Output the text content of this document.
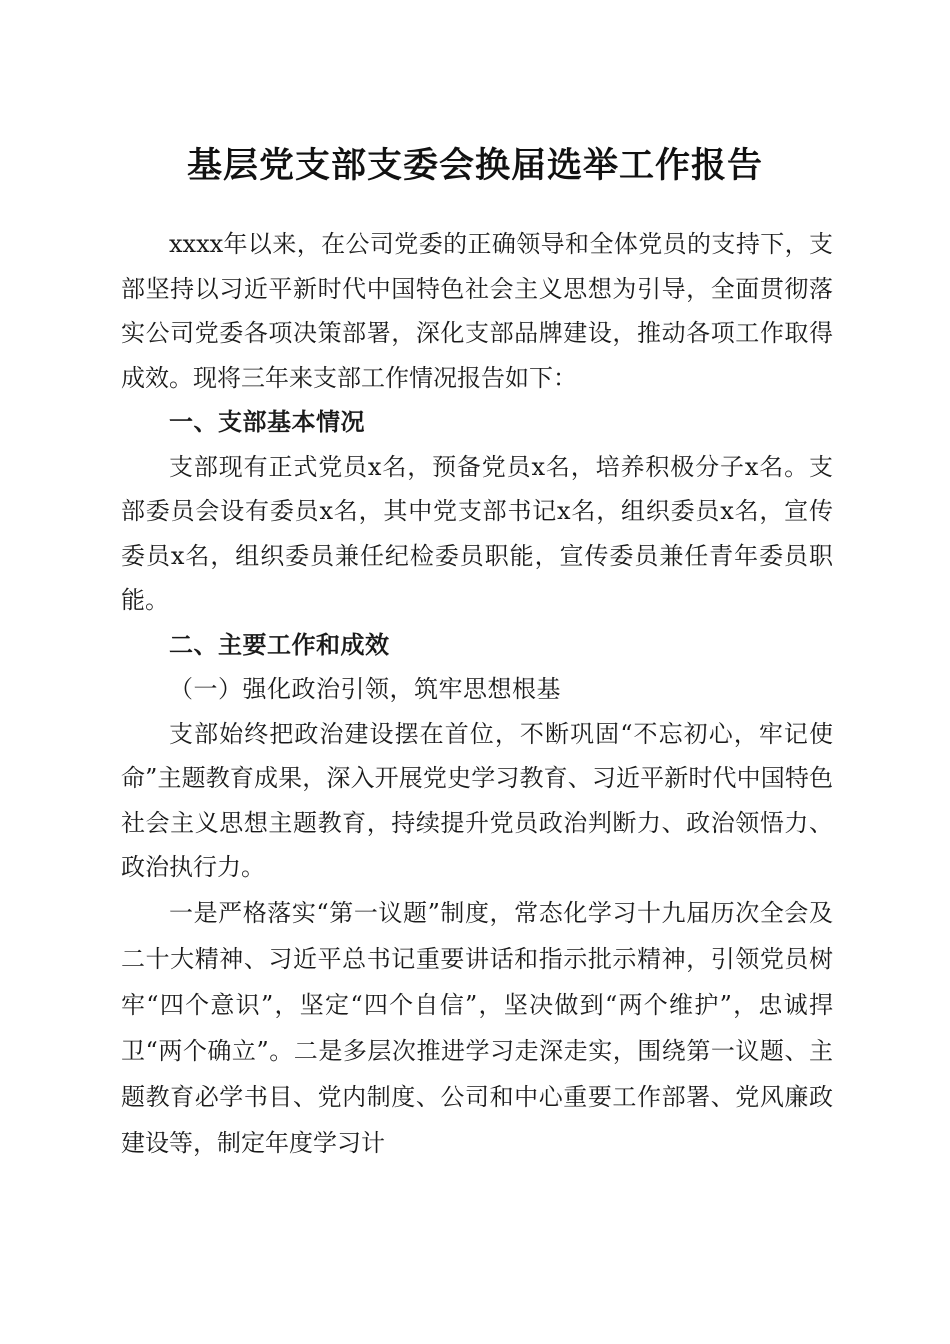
基层党支部支委会换届选举工作报告

xxxx年以来，在公司党委的正确领导和全体党员的支持下，支部坚持以习近平新时代中国特色社会主义思想为引导，全面贯彻落实公司党委各项决策部署，深化支部品牌建设，推动各项工作取得成效。现将三年来支部工作情况报告如下：

一、支部基本情况

支部现有正式党员x名，预备党员x名，培养积极分子x名。支部委员会设有委员x名，其中党支部书记x名，组织委员x名，宣传委员x名，组织委员兼任纪检委员职能，宣传委员兼任青年委员职能。

二、主要工作和成效

（一）强化政治引领，筑牢思想根基

支部始终把政治建设摆在首位，不断巩固“不忘初心，牢记使命”主题教育成果，深入开展党史学习教育、习近平新时代中国特色社会主义思想主题教育，持续提升党员政治判断力、政治领悟力、政治执行力。

一是严格落实“第一议题”制度，常态化学习十九届历次全会及二十大精神、习近平总书记重要讲话和指示批示精神，引领党员树牢“四个意识”，坚定“四个自信”，坚决做到“两个维护”，忠诚捍卫“两个确立”。二是多层次推进学习走深走实，围绕第一议题、主题教育必学书目、党内制度、公司和中心重要工作部署、党风廉政建设等，制定年度学习计
